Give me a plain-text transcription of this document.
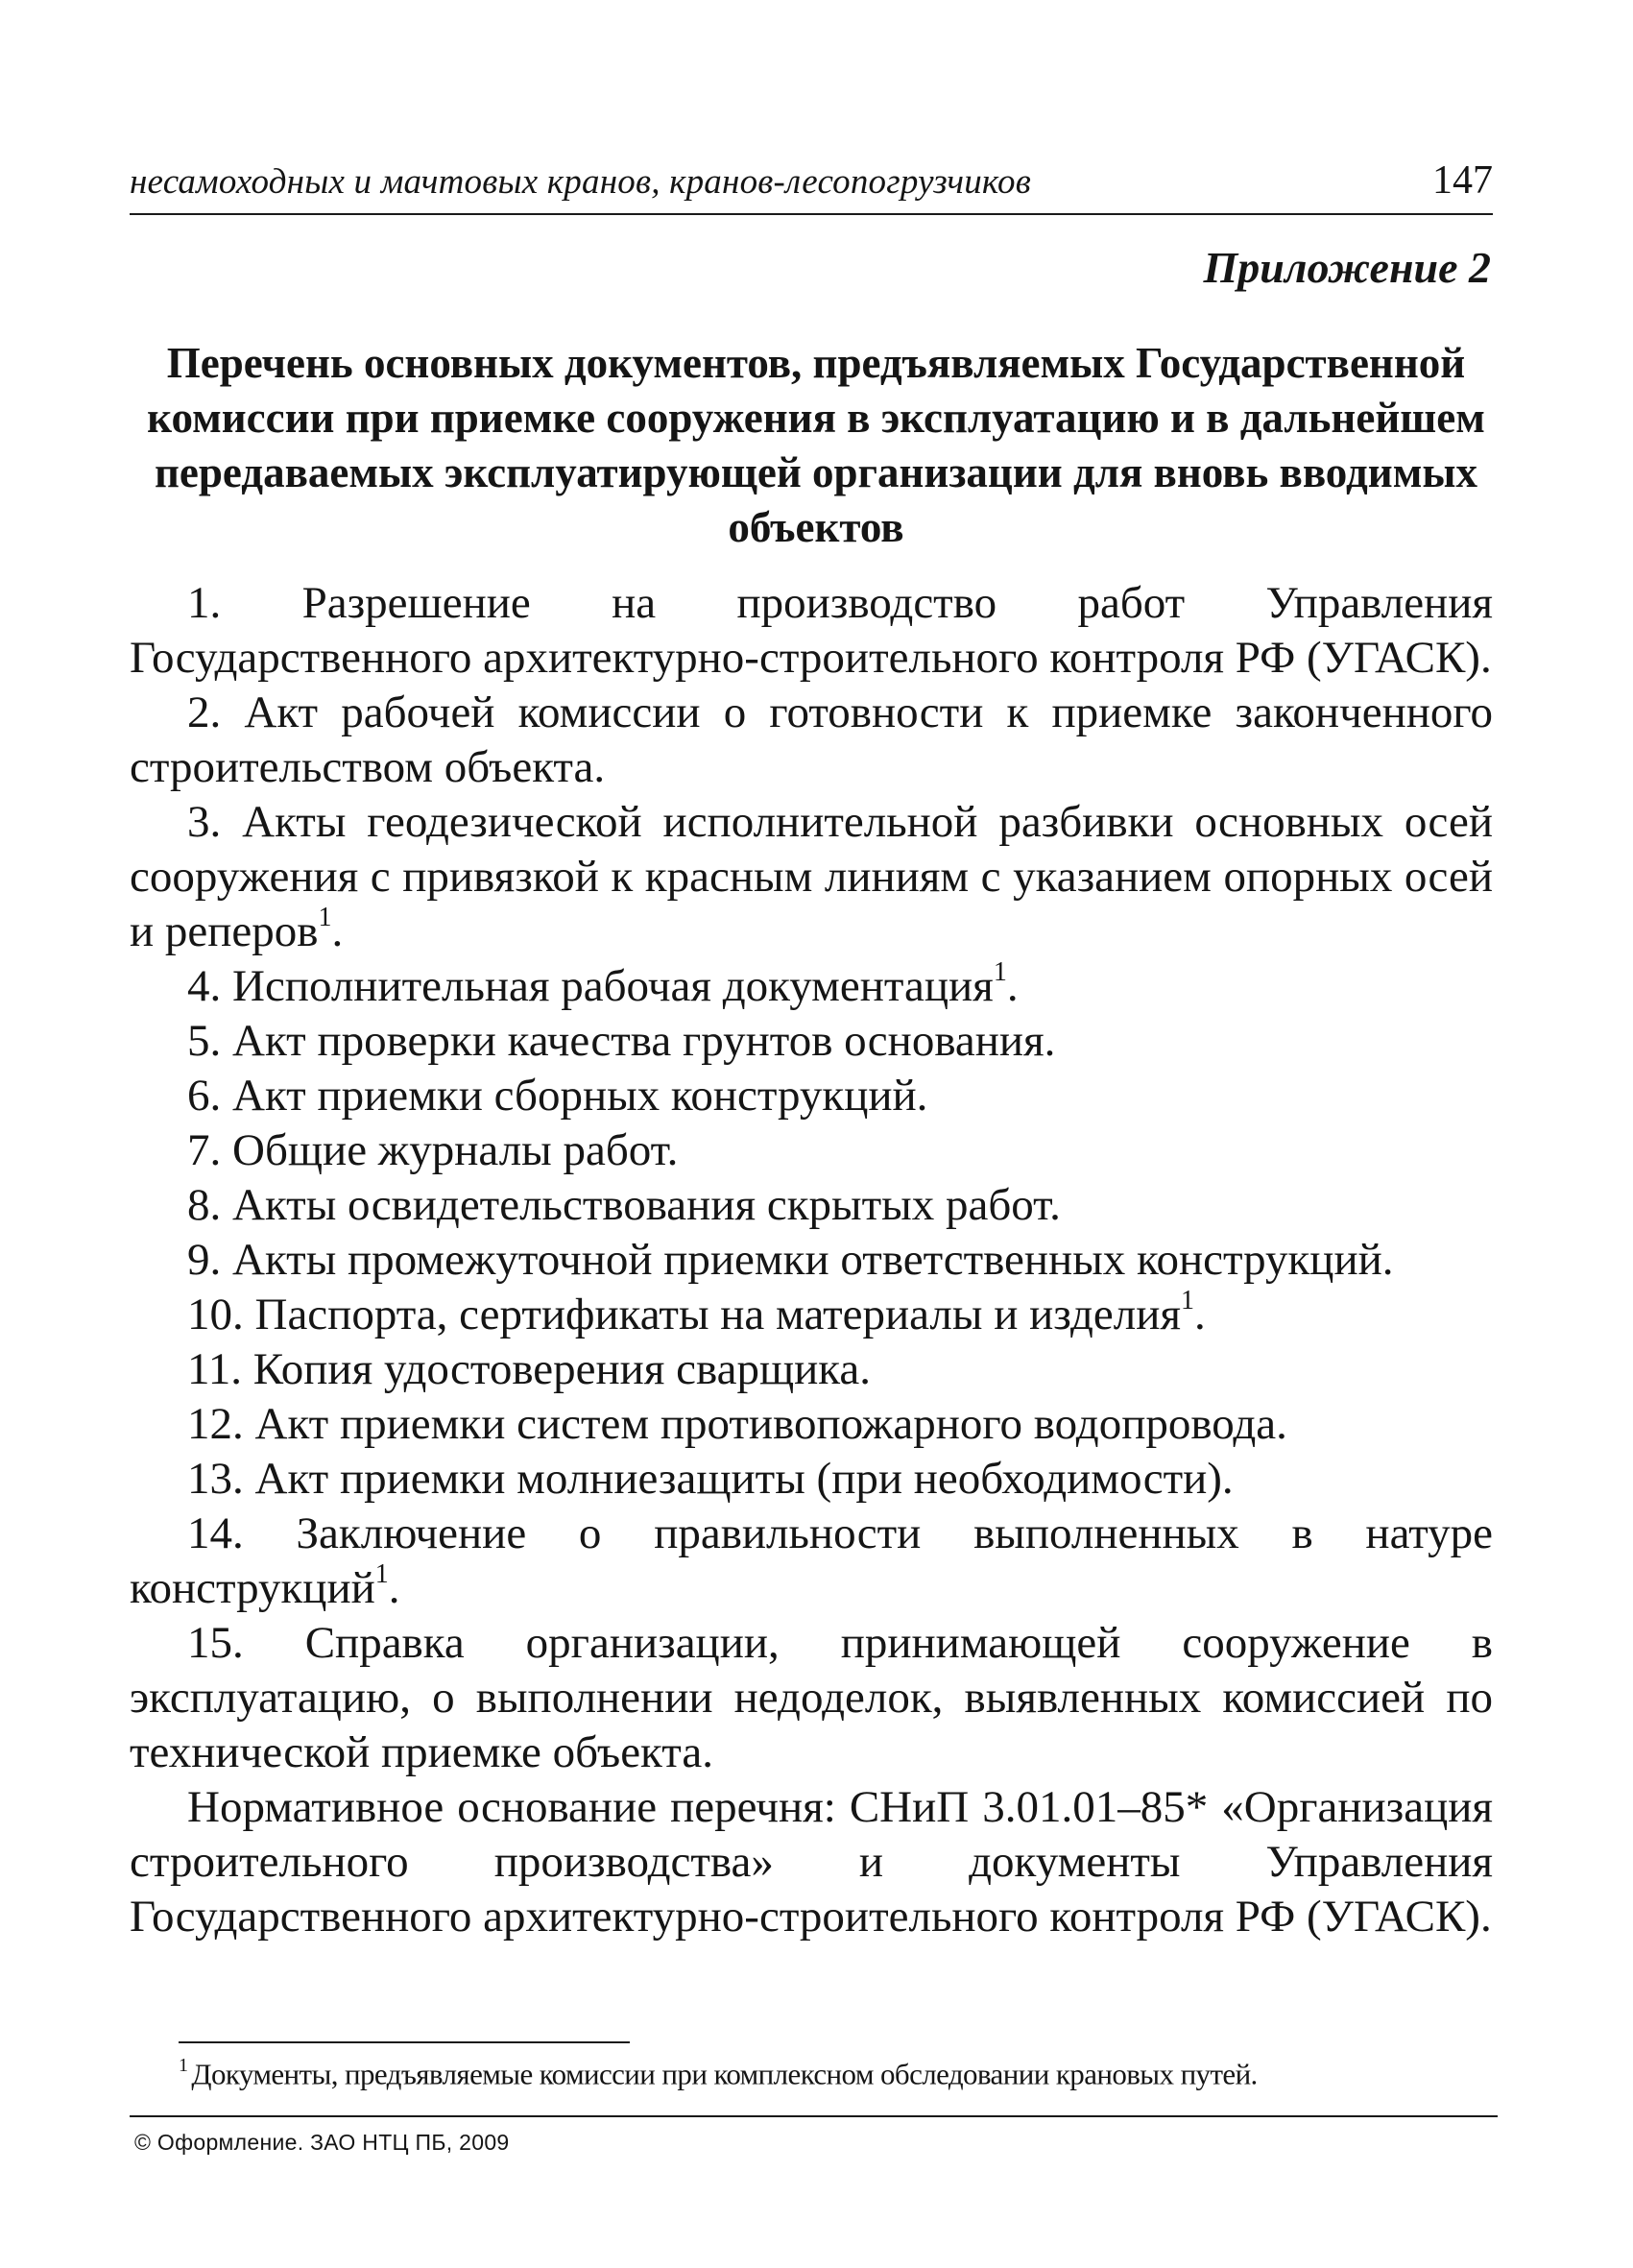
несамоходных и мачтовых кранов, кранов-лесопогрузчиков	147
Приложение 2
Перечень основных документов, предъявляемых Государственной
комиссии при приемке сооружения в эксплуатацию и в дальнейшем
передаваемых эксплуатирующей организации для вновь вводимых
объектов

1. Разрешение на производство работ Управления Государственного архитектурно-строительного контроля РФ (УГАСК).

2. Акт рабочей комиссии о готовности к приемке законченного строительством объекта.

3. Акты геодезической исполнительной разбивки основных осей сооружения с привязкой к красным линиям с указанием опорных осей и реперов$^1$.

4. Исполнительная рабочая документация$^1$.

5. Акт проверки качества грунтов основания.

6. Акт приемки сборных конструкций.

7. Общие журналы работ.

8. Акты освидетельствования скрытых работ.

9. Акты промежуточной приемки ответственных конструкций.

10. Паспорта, сертификаты на материалы и изделия$^1$.

11. Копия удостоверения сварщика.

12. Акт приемки систем противопожарного водопровода.

13. Акт приемки молниезащиты (при необходимости).

14. Заключение о правильности выполненных в натуре конструкций$^1$.

15. Справка организации, принимающей сооружение в эксплуатацию, о выполнении недоделок, выявленных комиссией по технической приемке объекта.

Нормативное основание перечня: СНиП 3.01.01–85* «Организация строительного производства» и документы Управления Государственного архитектурно-строительного контроля РФ (УГАСК).

$^1$ Документы, предъявляемые комиссии при комплексном обследовании крановых путей.
© Оформление. ЗАО НТЦ ПБ, 2009
